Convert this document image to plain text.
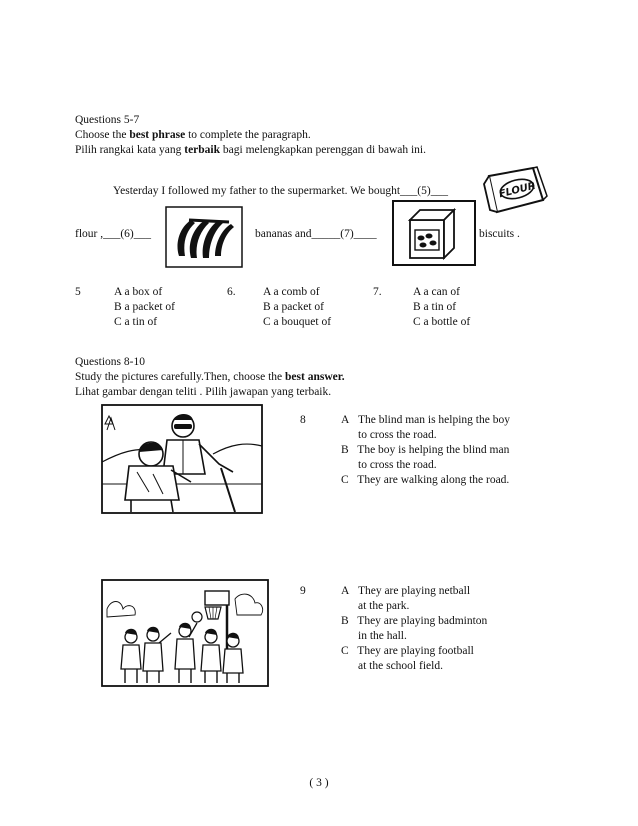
Questions 5-7
Choose the best phrase to complete the paragraph.
Pilih rangkai kata yang terbaik bagi melengkapkan perenggan di bawah ini.
Yesterday I followed my father to the supermarket. We bought___(5)___	FLOUR
flour ,___(6)___	bananas and_____(7)____	biscuits .
5	A a box of
B a packet of
C a tin of
6. A a comb of
B a packet of
C a bouquet of
7.	A a can of
B a tin of
C a bottle of
Questions 8-10
Study the pictures carefully.Then, choose the best answer.
Lihat gambar dengan teliti . Pilih jawapan yang terbaik.
8	A The blind man is helping the boy
to cross the road.
B The boy is helping the blind man
to cross the road.
C They are walking along the road.
9	A They are playing netball
at the park.
B They are playing badminton
in the hall.
C They are playing football
at the school field.
( 3 )
